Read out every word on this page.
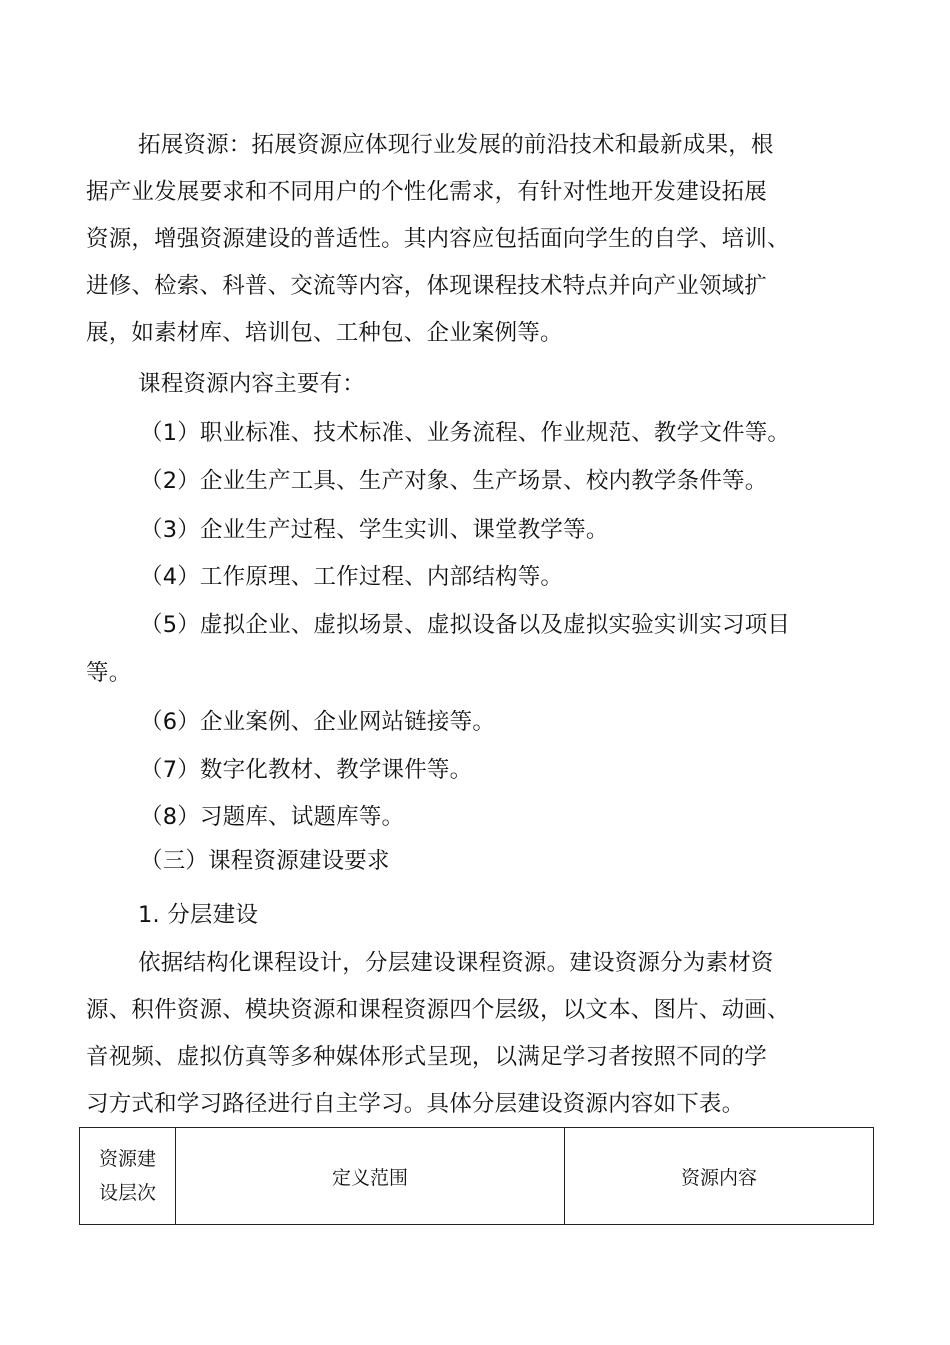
拓展资源：拓展资源应体现行业发展的前沿技术和最新成果，根
据产业发展要求和不同用户的个性化需求，有针对性地开发建设拓展
资源，增强资源建设的普适性。其内容应包括面向学生的自学、培训、
进修、检索、科普、交流等内容，体现课程技术特点并向产业领域扩
展，如素材库、培训包、工种包、企业案例等。
课程资源内容主要有：
（1）职业标准、技术标准、业务流程、作业规范、教学文件等。
（2）企业生产工具、生产对象、生产场景、校内教学条件等。
（3）企业生产过程、学生实训、课堂教学等。
（4）工作原理、工作过程、内部结构等。
（5）虚拟企业、虚拟场景、虚拟设备以及虚拟实验实训实习项目
等。
（6）企业案例、企业网站链接等。
（7）数字化教材、教学课件等。
（8）习题库、试题库等。
（三）课程资源建设要求
1. 分层建设
依据结构化课程设计，分层建设课程资源。建设资源分为素材资
源、积件资源、模块资源和课程资源四个层级，以文本、图片、动画、
音视频、虚拟仿真等多种媒体形式呈现，以满足学习者按照不同的学
习方式和学习路径进行自主学习。具体分层建设资源内容如下表。
资源建
设层次
	定义范围	资源内容
